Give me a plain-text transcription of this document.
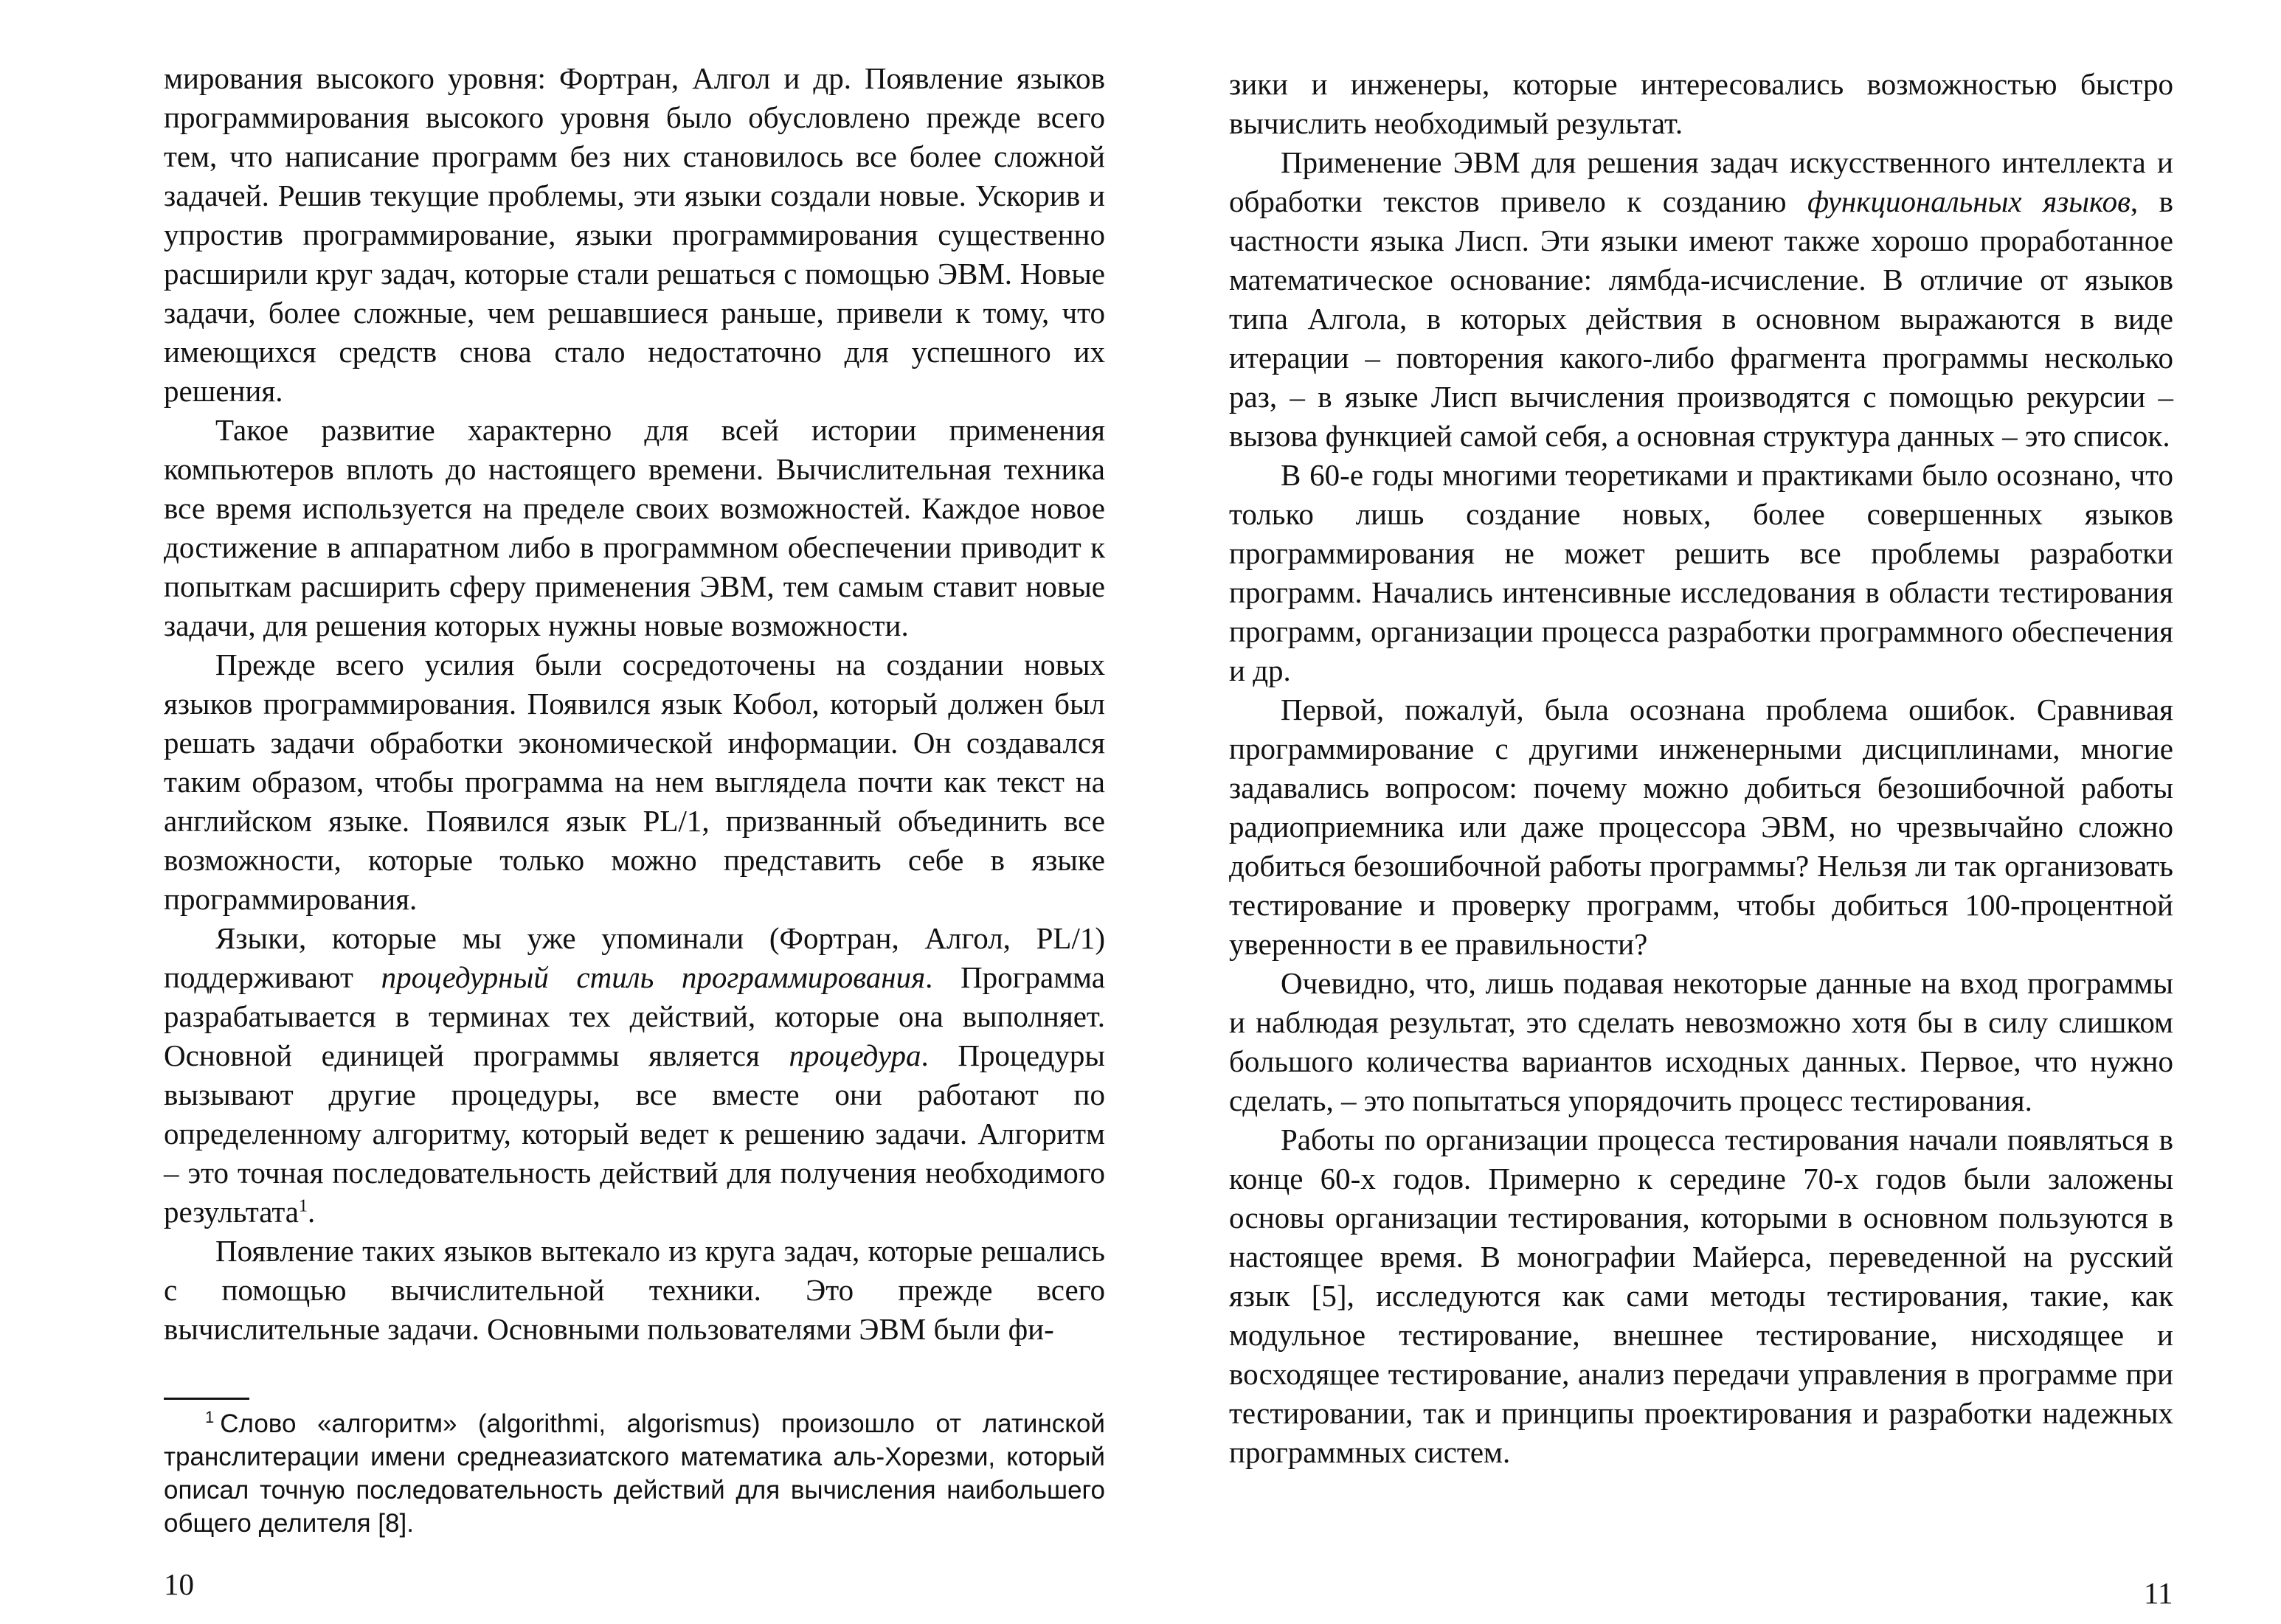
мирования высокого уровня: Фортран, Алгол и др. Появление языков программирования высокого уровня было обусловлено прежде всего тем, что написание программ без них становилось все более сложной задачей. Решив текущие проблемы, эти языки создали новые. Ускорив и упростив программирование, языки программирования существенно расширили круг задач, которые стали решаться с помощью ЭВМ. Новые задачи, более сложные, чем решавшиеся раньше, привели к тому, что имеющихся средств снова стало недостаточно для успешного их решения.

Такое развитие характерно для всей истории применения компьютеров вплоть до настоящего времени. Вычислительная техника все время используется на пределе своих возможностей. Каждое новое достижение в аппаратном либо в программном обеспечении приводит к попыткам расширить сферу применения ЭВМ, тем самым ставит новые задачи, для решения которых нужны новые возможности.

Прежде всего усилия были сосредоточены на создании новых языков программирования. Появился язык Кобол, который должен был решать задачи обработки экономической информации. Он создавался таким образом, чтобы программа на нем выглядела почти как текст на английском языке. Появился язык PL/1, призванный объединить все возможности, которые только можно представить себе в языке программирования.

Языки, которые мы уже упоминали (Фортран, Алгол, PL/1) поддерживают процедурный стиль программирования. Программа разрабатывается в терминах тех действий, которые она выполняет. Основной единицей программы является процедура. Процедуры вызывают другие процедуры, все вместе они работают по определенному алгоритму, который ведет к решению задачи. Алгоритм – это точная последовательность действий для получения необходимого результата$^1$.

Появление таких языков вытекало из круга задач, которые решались с помощью вычислительной техники. Это прежде всего вычислительные задачи. Основными пользователями ЭВМ были фи-

$^1$ Слово «алгоритм» (algorithmi, algorismus) произошло от латинской транслитерации имени среднеазиатского математика аль-Хорезми, который описал точную последовательность действий для вычисления наибольшего общего делителя [8].
10

зики и инженеры, которые интересовались возможностью быстро вычислить необходимый результат.

Применение ЭВМ для решения задач искусственного интеллекта и обработки текстов привело к созданию функциональных языков, в частности языка Лисп. Эти языки имеют также хорошо проработанное математическое основание: лямбда-исчисление. В отличие от языков типа Алгола, в которых действия в основном выражаются в виде итерации – повторения какого-либо фрагмента программы несколько раз, – в языке Лисп вычисления производятся с помощью рекурсии – вызова функцией самой себя, а основная структура данных – это список.

В 60-е годы многими теоретиками и практиками было осознано, что только лишь создание новых, более совершенных языков программирования не может решить все проблемы разработки программ. Начались интенсивные исследования в области тестирования программ, организации процесса разработки программного обеспечения и др.

Первой, пожалуй, была осознана проблема ошибок. Сравнивая программирование с другими инженерными дисциплинами, многие задавались вопросом: почему можно добиться безошибочной работы радиоприемника или даже процессора ЭВМ, но чрезвычайно сложно добиться безошибочной работы программы? Нельзя ли так организовать тестирование и проверку программ, чтобы добиться 100-процентной уверенности в ее правильности?

Очевидно, что, лишь подавая некоторые данные на вход программы и наблюдая результат, это сделать невозможно хотя бы в силу слишком большого количества вариантов исходных данных. Первое, что нужно сделать, – это попытаться упорядочить процесс тестирования.

Работы по организации процесса тестирования начали появляться в конце 60-х годов. Примерно к середине 70-х годов были заложены основы организации тестирования, которыми в основном пользуются в настоящее время. В монографии Майерса, переведенной на русский язык [5], исследуются как сами методы тестирования, такие, как модульное тестирование, внешнее тестирование, нисходящее и восходящее тестирование, анализ передачи управления в программе при тестировании, так и принципы проектирования и разработки надежных программных систем.

11
